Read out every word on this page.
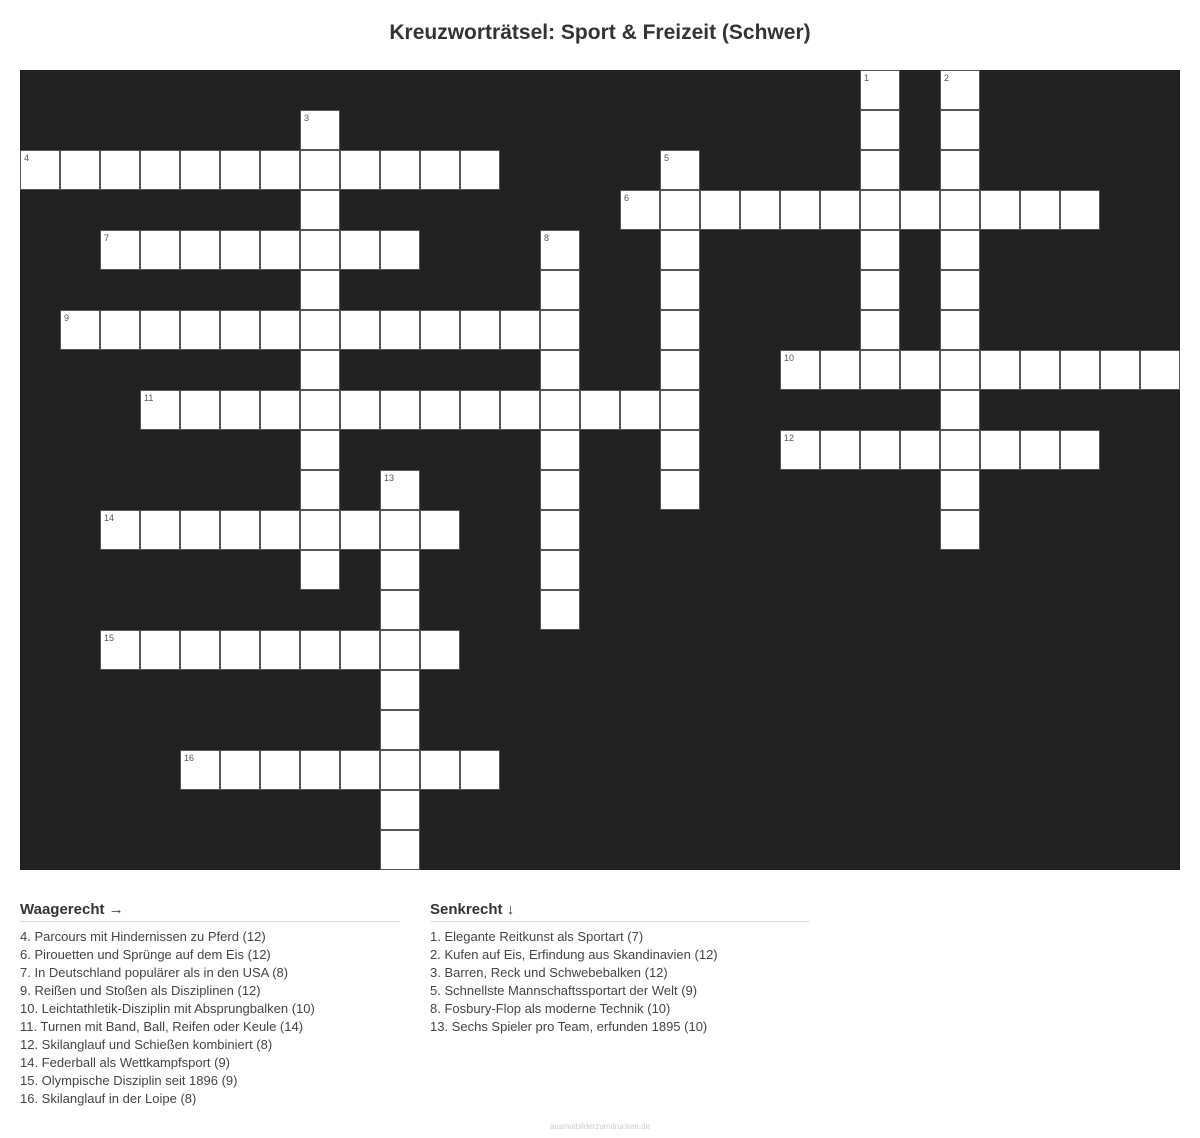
Kreuzworträtsel: Sport & Freizeit (Schwer)
1	2
3
4	5
6
7	8
9
10
11
12
13
14
15
16
Waagerecht →
4. Parcours mit Hindernissen zu Pferd (12)
6. Pirouetten und Sprünge auf dem Eis (12)
7. In Deutschland populärer als in den USA (8)
9. Reißen und Stoßen als Disziplinen (12)
10. Leichtathletik-Disziplin mit Absprungbalken (10)
11. Turnen mit Band, Ball, Reifen oder Keule (14)
12. Skilanglauf und Schießen kombiniert (8)
14. Federball als Wettkampfsport (9)
15. Olympische Disziplin seit 1896 (9)
16. Skilanglauf in der Loipe (8)
Senkrecht ↓
1. Elegante Reitkunst als Sportart (7)
2. Kufen auf Eis, Erfindung aus Skandinavien (12)
3. Barren, Reck und Schwebebalken (12)
5. Schnellste Mannschaftssportart der Welt (9)
8. Fosbury-Flop als moderne Technik (10)
13. Sechs Spieler pro Team, erfunden 1895 (10)
ausmalbilderzumdrucken.de
